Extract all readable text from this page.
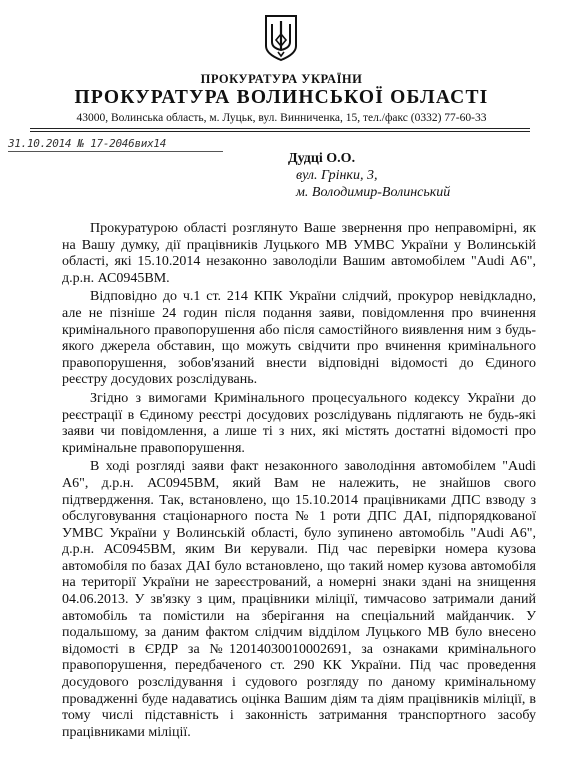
ПРОКУРАТУРА УКРАЇНИ
ПРОКУРАТУРА ВОЛИНСЬКОЇ ОБЛАСТІ
43000, Волинська область, м. Луцьк, вул. Винниченка, 15, тел./факс (0332) 77-60-33
31.10.2014 № 17-2046вих14
Дудці О.О.
вул. Грінки, 3,
м. Володимир-Волинський

Прокуратурою області розглянуто Ваше звернення про неправомірні, як на Вашу думку, дії працівників Луцького МВ УМВС України у Волинській області, які 15.10.2014 незаконно заволоділи Вашим автомобілем "Audi A6", д.р.н. АС0945ВМ.

Відповідно до ч.1 ст. 214 КПК України слідчий, прокурор невідкладно, але не пізніше 24 годин після подання заяви, повідомлення про вчинення кримінального правопорушення або після самостійного виявлення ним з будь-якого джерела обставин, що можуть свідчити про вчинення кримінального правопорушення, зобов'язаний внести відповідні відомості до Єдиного реєстру досудових розслідувань.

Згідно з вимогами Кримінального процесуального кодексу України до реєстрації в Єдиному реєстрі досудових розслідувань підлягають не будь-які заяви чи повідомлення, а лише ті з них, які містять достатні відомості про кримінальне правопорушення.

В ході розгляді заяви факт незаконного заволодіння автомобілем "Audi A6", д.р.н. АС0945ВМ, який Вам не належить, не знайшов свого підтвердження. Так, встановлено, що 15.10.2014 працівниками ДПС взводу з обслуговування стаціонарного поста № 1 роти ДПС ДАІ, підпорядкованої УМВС України у Волинській області, було зупинено автомобіль "Audi A6", д.р.н. АС0945ВМ, яким Ви керували. Під час перевірки номера кузова автомобіля по базах ДАІ було встановлено, що такий номер кузова автомобіля на території України не зареєстрований, а номерні знаки здані на знищення 04.06.2013. У зв'язку з цим, працівники міліції, тимчасово затримали даний автомобіль та помістили на зберігання на спеціальний майданчик. У подальшому, за даним фактом слідчим відділом Луцького МВ було внесено відомості в ЄРДР за №12014030010002691, за ознаками кримінального правопорушення, передбаченого ст. 290 КК України. Під час проведення досудового розслідування і судового розгляду по даному кримінальному провадженні буде надаватись оцінка Вашим діям та діям працівників міліції, в тому числі підставність і законність затримання транспортного засобу працівниками міліції.
